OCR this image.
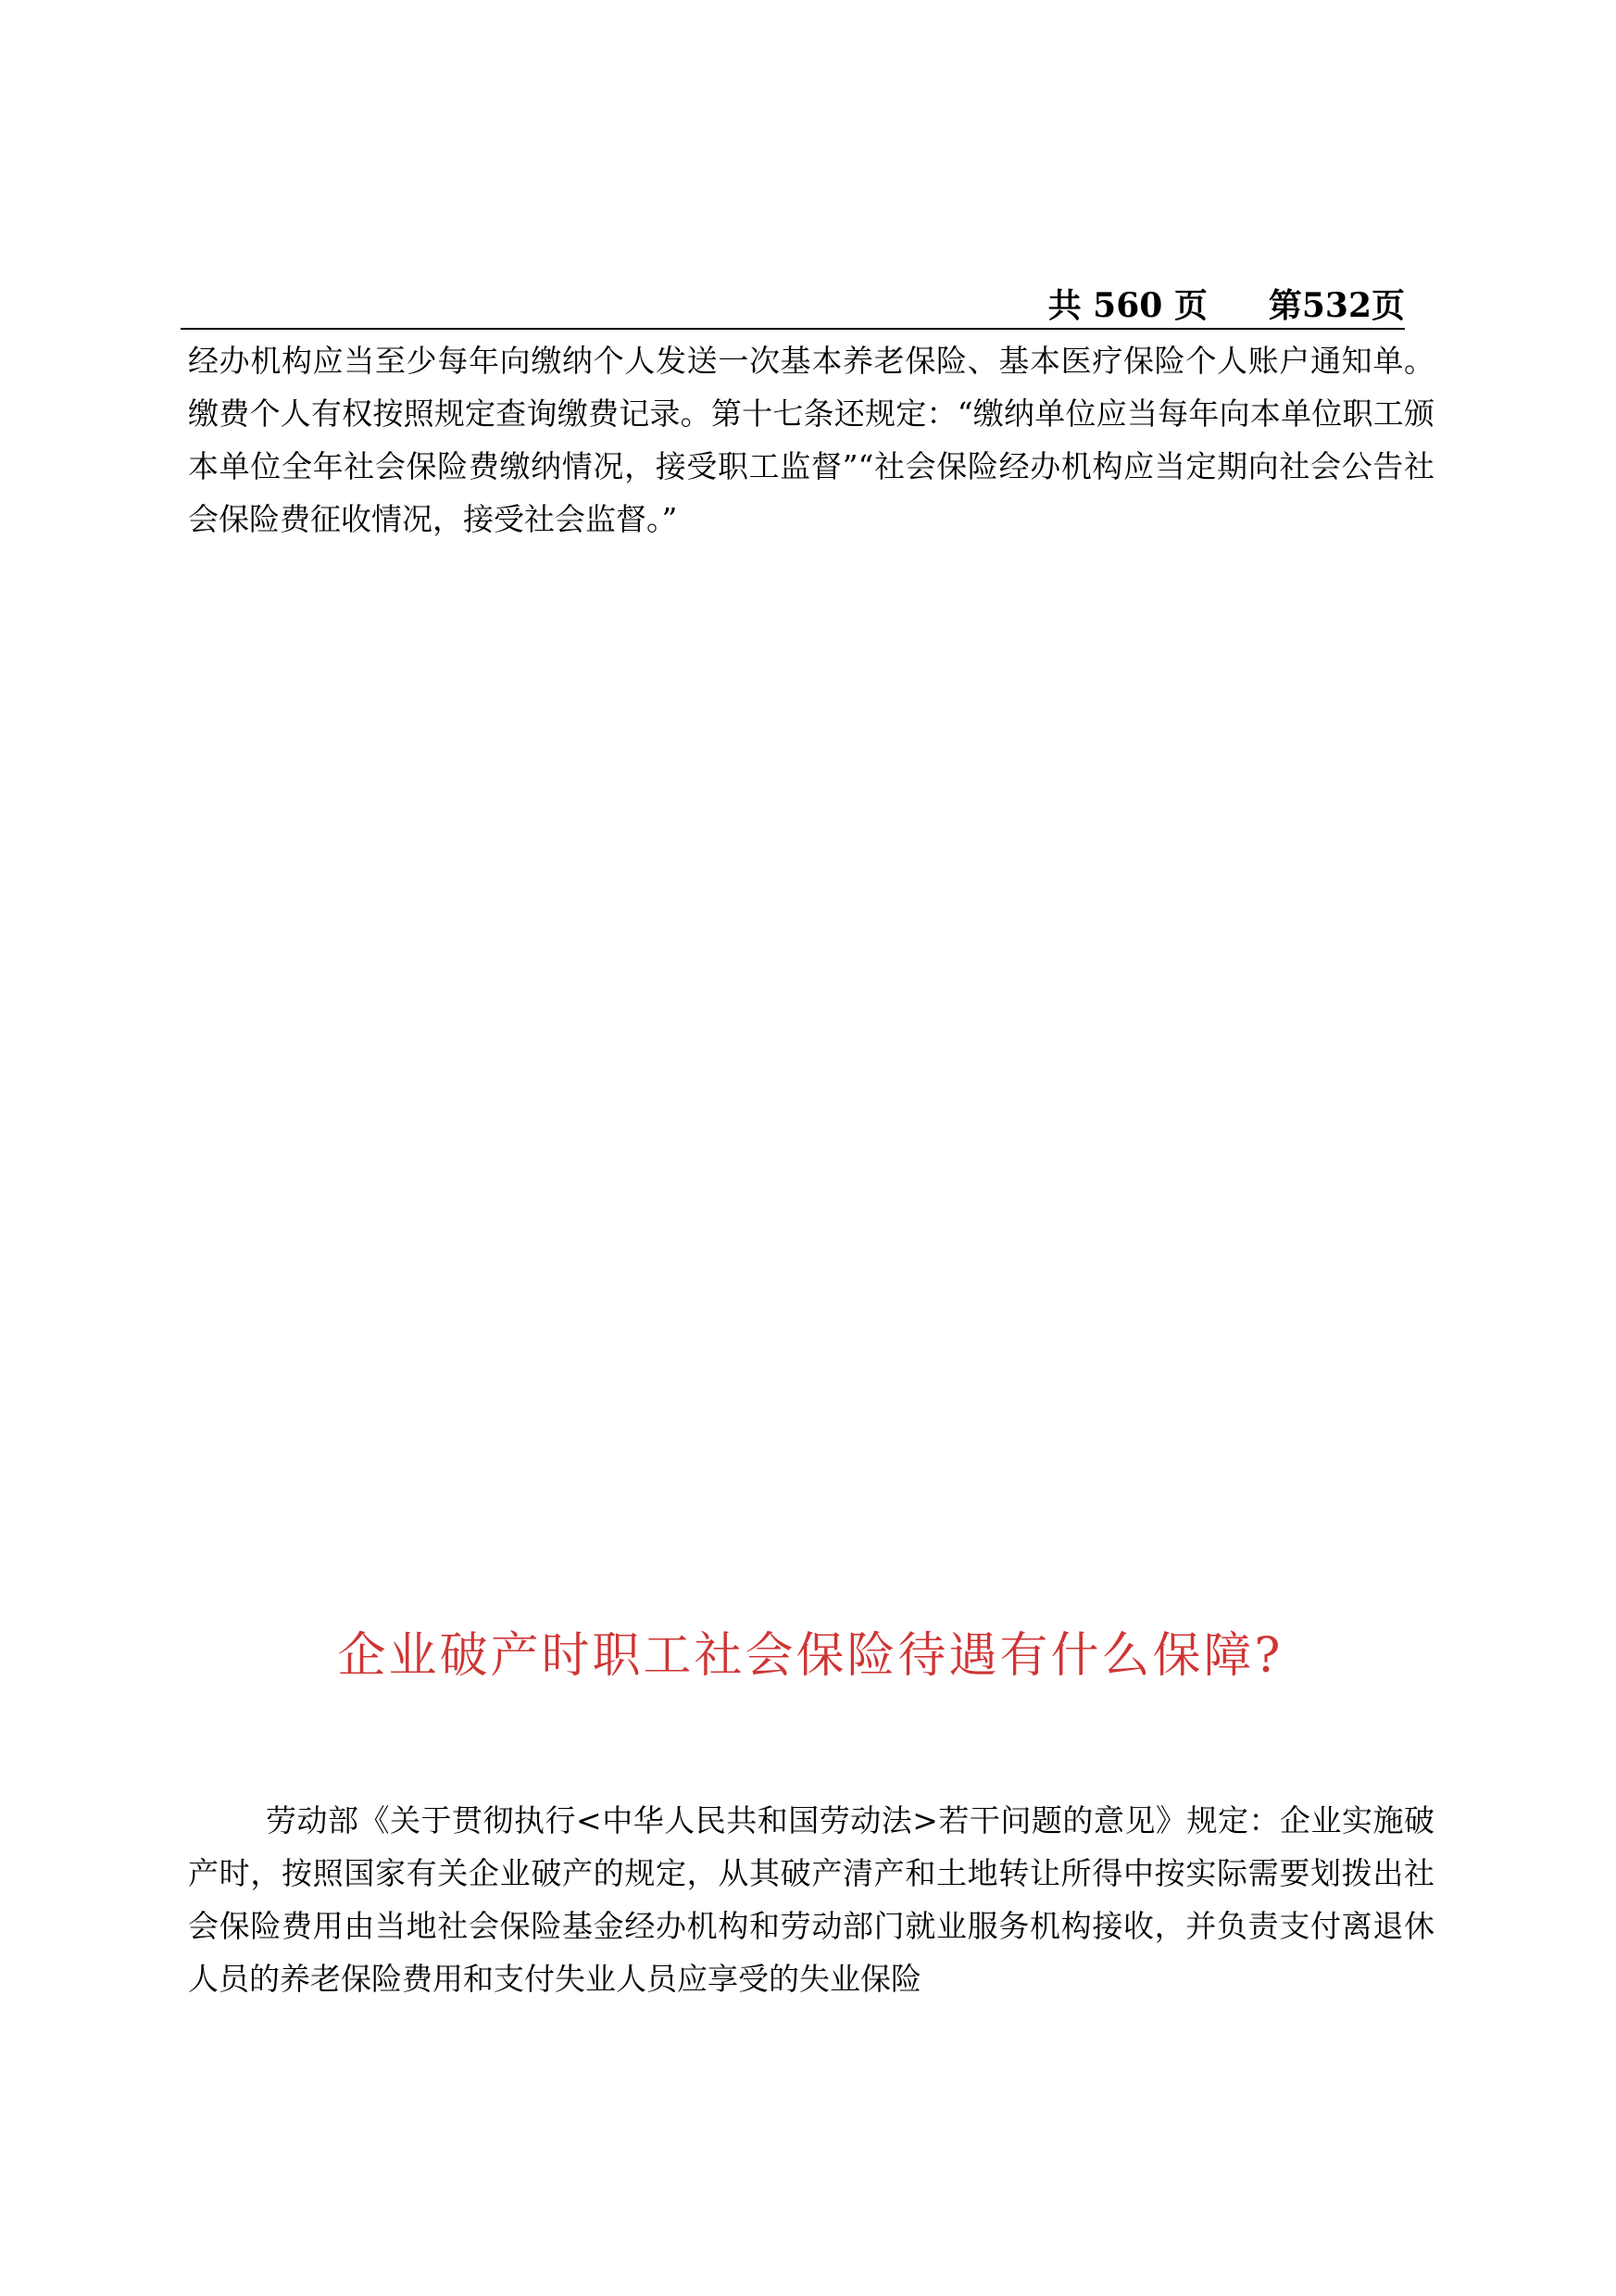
共 560 页 第532页

经办机构应当至少每年向缴纳个人发送一次基本养老保险、基本医疗保险个人账户通知单。缴费个人有权按照规定查询缴费记录。第十七条还规定：“缴纳单位应当每年向本单位职工颁本单位全年社会保险费缴纳情况，接受职工监督”“社会保险经办机构应当定期向社会公告社会保险费征收情况，接受社会监督。”

企业破产时职工社会保险待遇有什么保障?

劳动部《关于贯彻执行<中华人民共和国劳动法>若干问题的意见》规定：企业实施破产时，按照国家有关企业破产的规定，从其破产清产和土地转让所得中按实际需要划拨出社会保险费用由当地社会保险基金经办机构和劳动部门就业服务机构接收，并负责支付离退休人员的养老保险费用和支付失业人员应享受的失业保险
